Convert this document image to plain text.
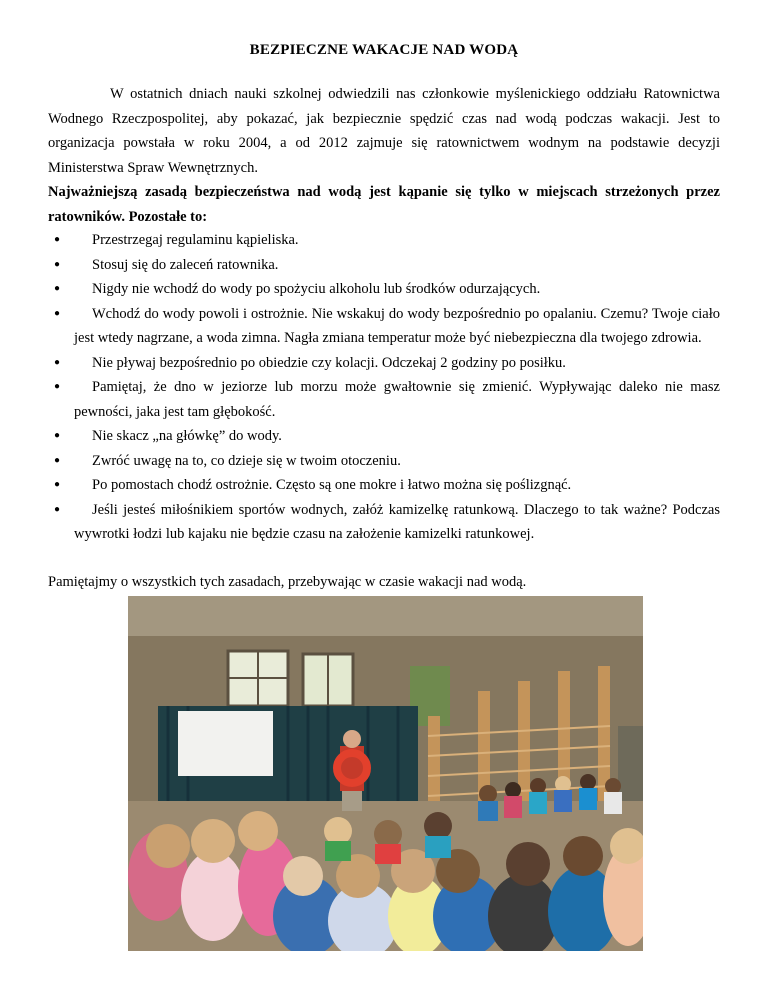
BEZPIECZNE WAKACJE NAD WODĄ

W ostatnich dniach nauki szkolnej odwiedzili nas członkowie myślenickiego oddziału Ratownictwa Wodnego Rzeczpospolitej, aby pokazać, jak bezpiecznie spędzić czas nad wodą podczas wakacji. Jest to organizacja powstała w roku 2004, a od 2012 zajmuje się ratownictwem wodnym na podstawie decyzji Ministerstwa Spraw Wewnętrznych.

Najważniejszą zasadą bezpieczeństwa nad wodą jest kąpanie się tylko w miejscach strzeżonych przez ratowników. Pozostałe to:

● Przestrzegaj regulaminu kąpieliska.
● Stosuj się do zaleceń ratownika.
● Nigdy nie wchodź do wody po spożyciu alkoholu lub środków odurzających.
● Wchodź do wody powoli i ostrożnie. Nie wskakuj do wody bezpośrednio po opalaniu. Czemu? Twoje ciało jest wtedy nagrzane, a woda zimna. Nagła zmiana temperatur może być niebezpieczna dla twojego zdrowia.
● Nie pływaj bezpośrednio po obiedzie czy kolacji. Odczekaj 2 godziny po posiłku.
● Pamiętaj, że dno w jeziorze lub morzu może gwałtownie się zmienić. Wypływając daleko nie masz pewności, jaka jest tam głębokość.
● Nie skacz „na główkę” do wody.
● Zwróć uwagę na to, co dzieje się w twoim otoczeniu.
● Po pomostach chodź ostrożnie. Często są one mokre i łatwo można się poślizgnąć.
● Jeśli jesteś miłośnikiem sportów wodnych, załóż kamizelkę ratunkową. Dlaczego to tak ważne? Podczas wywrotki łodzi lub kajaku nie będzie czasu na założenie kamizelki ratunkowej.

Pamiętajmy o wszystkich tych zasadach, przebywając w czasie wakacji nad wodą.
